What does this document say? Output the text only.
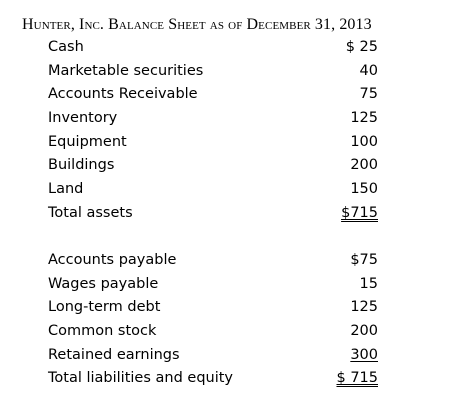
Hunter, Inc. Balance Sheet as of December 31, 2013
Cash	$ 25
Marketable securities	40
Accounts Receivable	75
Inventory	125
Equipment	100
Buildings	200
Land	150
Total assets	$715
Accounts payable	$75
Wages payable	15
Long-term debt	125
Common stock	200
Retained earnings	300
Total liabilities and equity	$ 715
